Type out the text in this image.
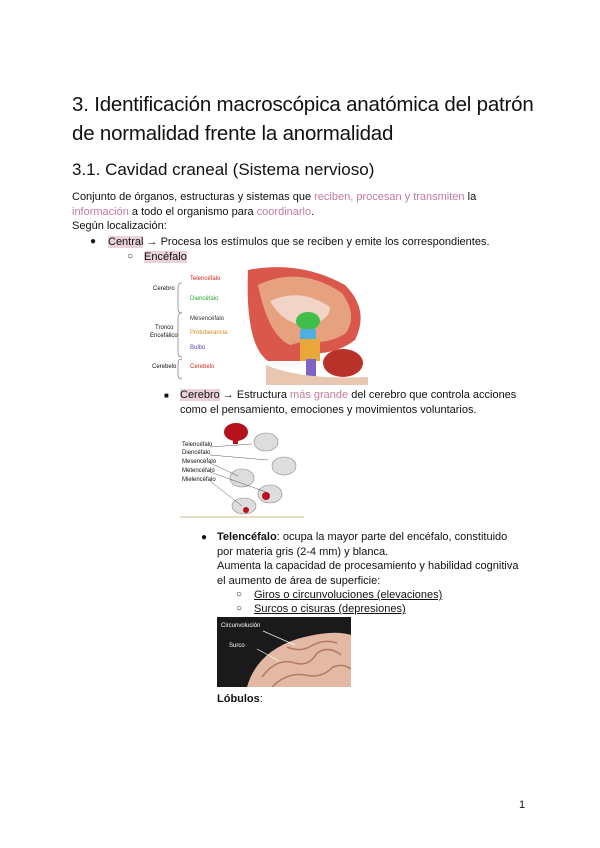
3. Identificación macroscópica anatómica del patrón de normalidad frente la anormalidad
3.1. Cavidad craneal (Sistema nervioso)
Conjunto de órganos, estructuras y sistemas que reciben, procesan y transmiten la
información a todo el organismo para coordinarlo.
Según localización:
● Central → Procesa los estímulos que se reciben y emite los correspondientes.
○ Encéfalo
Cerebro
Tronco
Encefálico
Cerebelo
Telencéfalo
Diencéfalo
Mesencéfalo
Protuberancia
Bulbo
Cerebelo
■ Cerebro → Estructura más grande del cerebro que controla acciones
como el pensamiento, emociones y movimientos voluntarios.
Telencéfalo
Diencéfalo
Mesencéfalo
Metencéfalo
Mielencéfalo
● Telencéfalo: ocupa la mayor parte del encéfalo, constituido
por materia gris (2-4 mm) y blanca.
Aumenta la capacidad de procesamiento y habilidad cognitiva
el aumento de área de superficie:
○ Giros o circunvoluciones (elevaciones)
○ Surcos o cisuras (depresiones)
Circunvolución
Surco
Lóbulos:
1
